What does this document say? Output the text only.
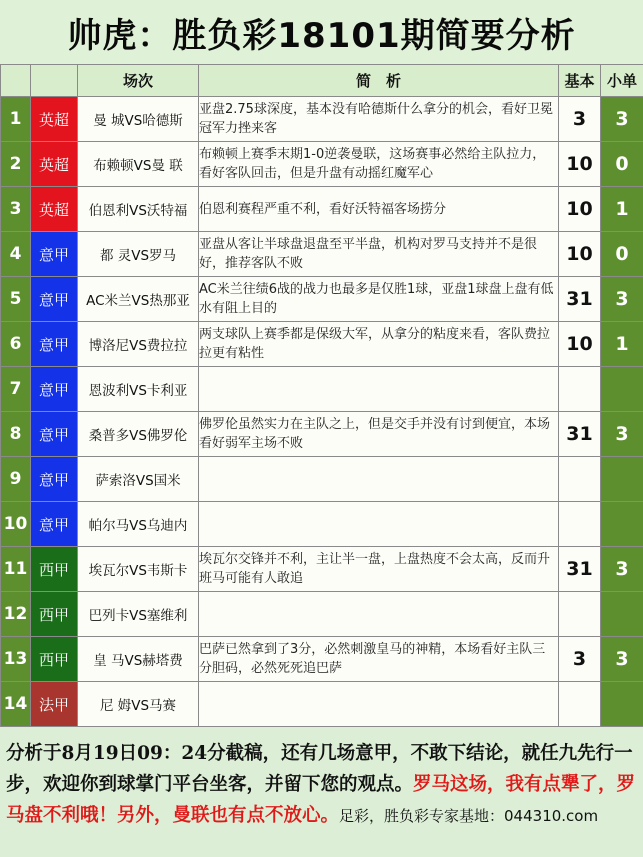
帅虎：胜负彩18101期简要分析
		场次	简　析	基本	小单
1	英超	曼 城VS哈德斯	亚盘2.75球深度，基本没有哈德斯什么拿分的机会，看好卫冕冠军力挫来客	3	3
2	英超	布赖顿VS曼 联	布赖顿上赛季末期1-0逆袭曼联，这场赛事必然给主队拉力，看好客队回击，但是升盘有动摇红魔军心	10	0
3	英超	伯恩利VS沃特福	伯恩利赛程严重不利，看好沃特福客场捞分	10	1
4	意甲	都 灵VS罗马	亚盘从客让半球盘退盘至平半盘，机构对罗马支持并不是很好，推荐客队不败	10	0
5	意甲	AC米兰VS热那亚	AC米兰往绩6战的战力也最多是仅胜1球，亚盘1球盘上盘有低水有阻上目的	31	3
6	意甲	博洛尼VS费拉拉	两支球队上赛季都是保级大军，从拿分的粘度来看，客队费拉拉更有粘性	10	1
7	意甲	恩波利VS卡利亚			
8	意甲	桑普多VS佛罗伦	佛罗伦虽然实力在主队之上，但是交手并没有讨到便宜，本场看好弱军主场不败	31	3
9	意甲	萨索洛VS国米			
10	意甲	帕尔马VS乌迪内			
11	西甲	埃瓦尔VS韦斯卡	埃瓦尔交锋并不利，主让半一盘，上盘热度不会太高，反而升班马可能有人敢追	31	3
12	西甲	巴列卡VS塞维利			
13	西甲	皇 马VS赫塔费	巴萨已然拿到了3分，必然刺激皇马的神精，本场看好主队三分胆码，必然死死追巴萨	3	3
14	法甲	尼 姆VS马赛			
分析于8月19日09：24分截稿，还有几场意甲，不敢下结论，就任九先行一步，欢迎你到球掌门平台坐客，并留下您的观点。罗马这场，我有点犟了，罗马盘不利哦！另外，曼联也有点不放心。足彩，胜负彩专家基地：044310.com
